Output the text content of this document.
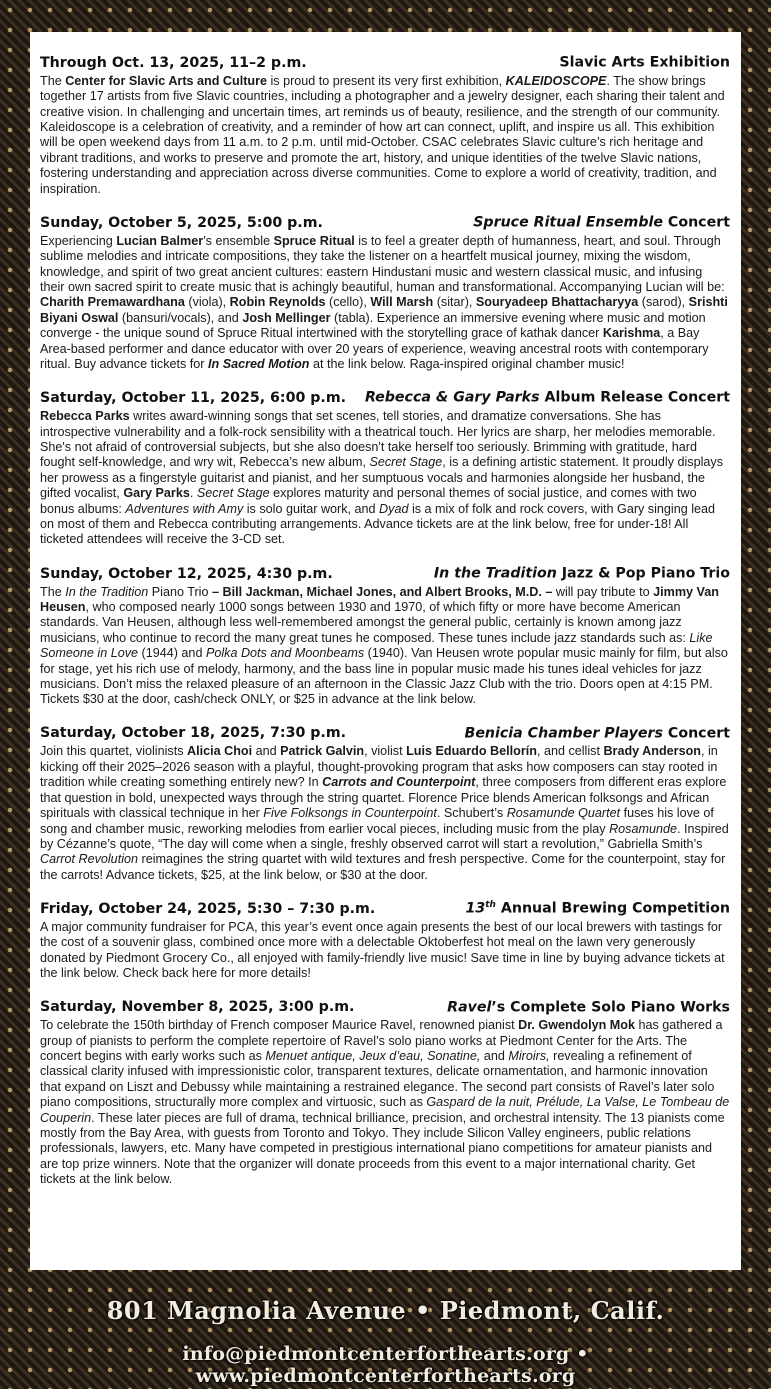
Through Oct. 13, 2025, 11–2 p.m.	Slavic Arts Exhibition
The Center for Slavic Arts and Culture is proud to present its very first exhibition, KALEIDOSCOPE. The show brings together 17 artists from five Slavic countries, including a photographer and a jewelry designer, each sharing their talent and creative vision. In challenging and uncertain times, art reminds us of beauty, resilience, and the strength of our community. Kaleidoscope is a celebration of creativity, and a reminder of how art can connect, uplift, and inspire us all. This exhibition will be open weekend days from 11 a.m. to 2 p.m. until mid-October. CSAC celebrates Slavic culture’s rich heritage and vibrant traditions, and works to preserve and promote the art, history, and unique identities of the twelve Slavic nations, fostering understanding and appreciation across diverse communities. Come to explore a world of creativity, tradition, and inspiration.
Sunday, October 5, 2025, 5:00 p.m.	Spruce Ritual Ensemble Concert
Experiencing Lucian Balmer’s ensemble Spruce Ritual is to feel a greater depth of humanness, heart, and soul. Through sublime melodies and intricate compositions, they take the listener on a heartfelt musical journey, mixing the wisdom, knowledge, and spirit of two great ancient cultures: eastern Hindustani music and western classical music, and infusing their own sacred spirit to create music that is achingly beautiful, human and transformational. Accompanying Lucian will be: Charith Premawardhana (viola), Robin Reynolds (cello), Will Marsh (sitar), Souryadeep Bhattacharyya (sarod), Srishti Biyani Oswal (bansuri/vocals), and Josh Mellinger (tabla). Experience an immersive evening where music and motion converge - the unique sound of Spruce Ritual intertwined with the storytelling grace of kathak dancer Karishma, a Bay Area-based performer and dance educator with over 20 years of experience, weaving ancestral roots with contemporary ritual. Buy advance tickets for In Sacred Motion at the link below. Raga-inspired original chamber music!
Saturday, October 11, 2025, 6:00 p.m. Rebecca & Gary Parks Album Release Concert
Rebecca Parks writes award-winning songs that set scenes, tell stories, and dramatize conversations. She has introspective vulnerability and a folk-rock sensibility with a theatrical touch. Her lyrics are sharp, her melodies memorable. She's not afraid of controversial subjects, but she also doesn't take herself too seriously. Brimming with gratitude, hard fought self-knowledge, and wry wit, Rebecca’s new album, Secret Stage, is a defining artistic statement. It proudly displays her prowess as a fingerstyle guitarist and pianist, and her sumptuous vocals and harmonies alongside her husband, the gifted vocalist, Gary Parks. Secret Stage explores maturity and personal themes of social justice, and comes with two bonus albums: Adventures with Amy is solo guitar work, and Dyad is a mix of folk and rock covers, with Gary singing lead on most of them and Rebecca contributing arrangements. Advance tickets are at the link below, free for under-18! All ticketed attendees will receive the 3-CD set.
Sunday, October 12, 2025, 4:30 p.m.	In the Tradition Jazz & Pop Piano Trio
The In the Tradition Piano Trio – Bill Jackman, Michael Jones, and Albert Brooks, M.D. – will pay tribute to Jimmy Van Heusen, who composed nearly 1000 songs between 1930 and 1970, of which fifty or more have become American standards. Van Heusen, although less well-remembered amongst the general public, certainly is known among jazz musicians, who continue to record the many great tunes he composed. These tunes include jazz standards such as: Like Someone in Love (1944) and Polka Dots and Moonbeams (1940). Van Heusen wrote popular music mainly for film, but also for stage, yet his rich use of melody, harmony, and the bass line in popular music made his tunes ideal vehicles for jazz musicians. Don’t miss the relaxed pleasure of an afternoon in the Classic Jazz Club with the trio. Doors open at 4:15 PM. Tickets $30 at the door, cash/check ONLY, or $25 in advance at the link below.
Saturday, October 18, 2025, 7:30 p.m.	Benicia Chamber Players Concert
Join this quartet, violinists Alicia Choi and Patrick Galvin, violist Luis Eduardo Bellorín, and cellist Brady Anderson, in kicking off their 2025–2026 season with a playful, thought-provoking program that asks how composers can stay rooted in tradition while creating something entirely new? In Carrots and Counterpoint, three composers from different eras explore that question in bold, unexpected ways through the string quartet. Florence Price blends American folksongs and African spirituals with classical technique in her Five Folksongs in Counterpoint. Schubert’s Rosamunde Quartet fuses his love of song and chamber music, reworking melodies from earlier vocal pieces, including music from the play Rosamunde. Inspired by Cézanne’s quote, “The day will come when a single, freshly observed carrot will start a revolution,” Gabriella Smith’s Carrot Revolution reimagines the string quartet with wild textures and fresh perspective. Come for the counterpoint, stay for the carrots! Advance tickets, $25, at the link below, or $30 at the door.
Friday, October 24, 2025, 5:30 – 7:30 p.m.	13th Annual Brewing Competition
A major community fundraiser for PCA, this year’s event once again presents the best of our local brewers with tastings for the cost of a souvenir glass, combined once more with a delectable Oktoberfest hot meal on the lawn very generously donated by Piedmont Grocery Co., all enjoyed with family-friendly live music! Save time in line by buying advance tickets at the link below. Check back here for more details!
Saturday, November 8, 2025, 3:00 p.m.	Ravel’s Complete Solo Piano Works
To celebrate the 150th birthday of French composer Maurice Ravel, renowned pianist Dr. Gwendolyn Mok has gathered a group of pianists to perform the complete repertoire of Ravel’s solo piano works at Piedmont Center for the Arts. The concert begins with early works such as Menuet antique, Jeux d’eau, Sonatine, and Miroirs, revealing a refinement of classical clarity infused with impressionistic color, transparent textures, delicate ornamentation, and harmonic innovation that expand on Liszt and Debussy while maintaining a restrained elegance. The second part consists of Ravel’s later solo piano compositions, structurally more complex and virtuosic, such as Gaspard de la nuit, Prélude, La Valse, Le Tombeau de Couperin. These later pieces are full of drama, technical brilliance, precision, and orchestral intensity. The 13 pianists come mostly from the Bay Area, with guests from Toronto and Tokyo. They include Silicon Valley engineers, public relations professionals, lawyers, etc. Many have competed in prestigious international piano competitions for amateur pianists and are top prize winners. Note that the organizer will donate proceeds from this event to a major international charity. Get tickets at the link below.
801 Magnolia Avenue • Piedmont, Calif.
info@piedmontcenterforthearts.org • www.piedmontcenterforthearts.org
